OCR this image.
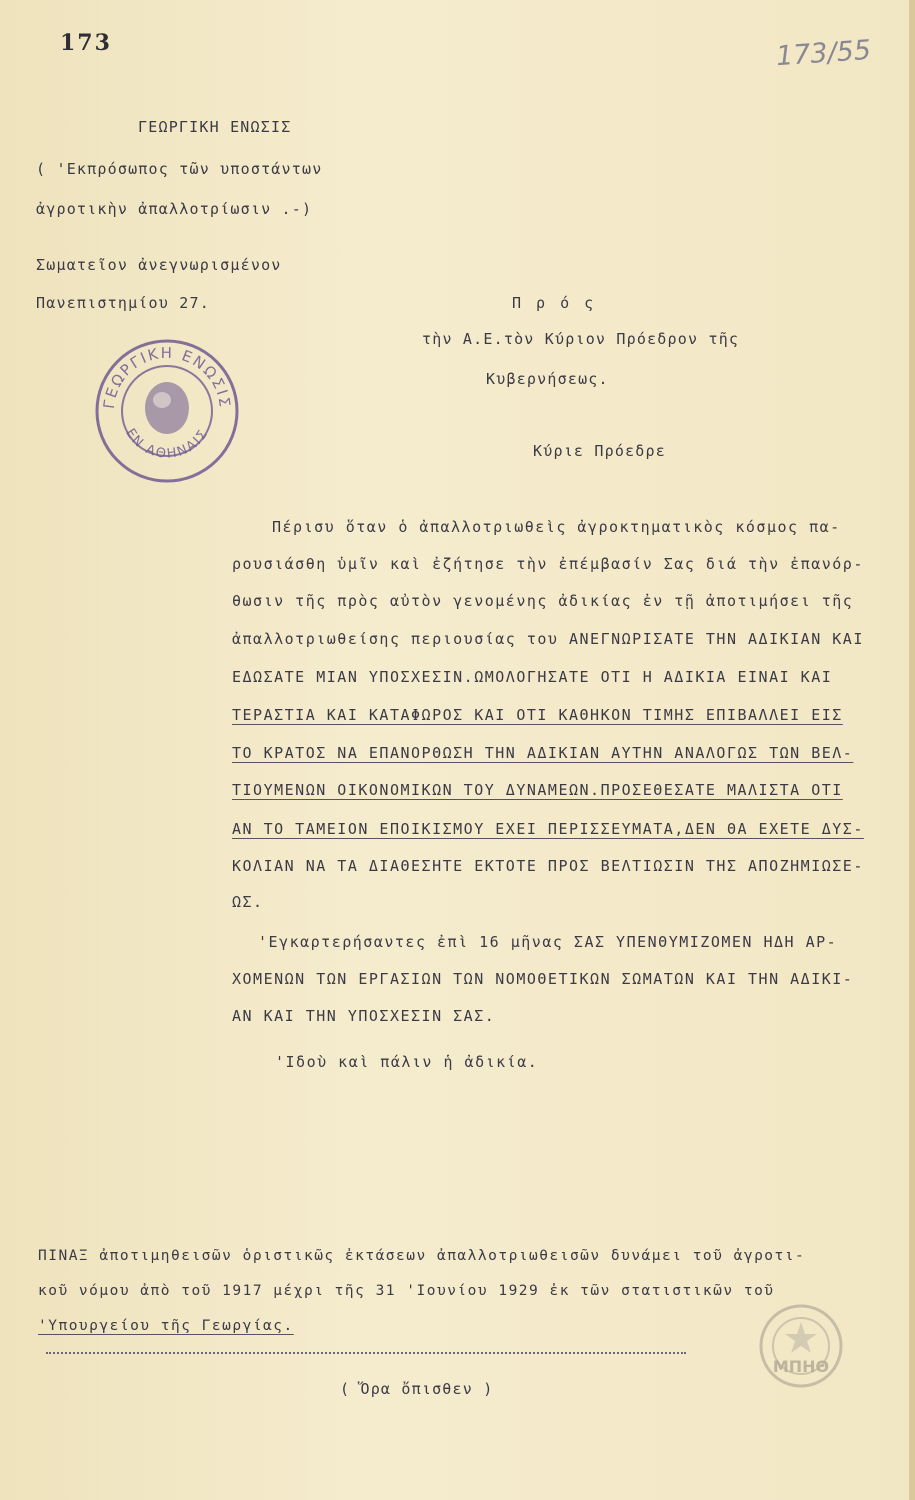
173	173/55
ΓΕΩΡΓΙΚΗ ΕΝΩΣΙΣ
( 'Εκπρόσωπος τῶν υποστάντων
ἀγροτικὴν ἀπαλλοτρίωσιν .-)
Σωματεῖον ἀνεγνωρισμένον
Πανεπιστημίου 27.	Π ρ ό ς
τὴν Α.Ε.τὸν Κύριον Πρόεδρον τῆς
Κυβερνήσεως.
Κύριε Πρόεδρε
ΓΕΩΡΓΙΚΗ ΕΝΩΣΙΣ
ΕΝ ΑΘΗΝΑΙΣ
Πέρισυ ὅταν ὁ ἀπαλλοτριωθεὶς ἀγροκτηματικὸς κόσμος πα-
ρουσιάσθη ὑμῖν καὶ ἐζήτησε τὴν ἐπέμβασίν Σας διά τὴν ἐπανόρ-
θωσιν τῆς πρὸς αὐτὸν γενομένης ἀδικίας ἐν τῇ ἀποτιμήσει τῆς
ἀπαλλοτριωθείσης περιουσίας του ΑΝΕΓΝΩΡΙΣΑΤΕ ΤΗΝ ΑΔΙΚΙΑΝ ΚΑΙ
ΕΔΩΣΑΤΕ ΜΙΑΝ ΥΠΟΣΧΕΣΙΝ.ΩΜΟΛΟΓΗΣΑΤΕ ΟΤΙ Η ΑΔΙΚΙΑ ΕΙΝΑΙ ΚΑΙ
ΤΕΡΑΣΤΙΑ ΚΑΙ ΚΑΤΑΦΩΡΟΣ ΚΑΙ ΟΤΙ ΚΑΘΗΚΟΝ ΤΙΜΗΣ ΕΠΙΒΑΛΛΕΙ ΕΙΣ
ΤΟ ΚΡΑΤΟΣ ΝΑ ΕΠΑΝΟΡΘΩΣΗ ΤΗΝ ΑΔΙΚΙΑΝ ΑΥΤΗΝ ΑΝΑΛΟΓΩΣ ΤΩΝ ΒΕΛ-
ΤΙΟΥΜΕΝΩΝ ΟΙΚΟΝΟΜΙΚΩΝ ΤΟΥ ΔΥΝΑΜΕΩΝ.ΠΡΟΣΕΘΕΣΑΤΕ ΜΑΛΙΣΤΑ ΟΤΙ
ΑΝ ΤΟ ΤΑΜΕΙΟΝ ΕΠΟΙΚΙΣΜΟΥ ΕΧΕΙ ΠΕΡΙΣΣΕΥΜΑΤΑ,ΔΕΝ ΘΑ ΕΧΕΤΕ ΔΥΣ-
ΚΟΛΙΑΝ ΝΑ ΤΑ ΔΙΑΘΕΣΗΤΕ ΕΚΤΟΤΕ ΠΡΟΣ ΒΕΛΤΙΩΣΙΝ ΤΗΣ ΑΠΟΖΗΜΙΩΣΕ-
ΩΣ.
'Εγκαρτερήσαντες ἐπὶ 16 μῆνας ΣΑΣ ΥΠΕΝΘΥΜΙΖΟΜΕΝ ΗΔΗ ΑΡ-
ΧΟΜΕΝΩΝ ΤΩΝ ΕΡΓΑΣΙΩΝ ΤΩΝ ΝΟΜΟΘΕΤΙΚΩΝ ΣΩΜΑΤΩΝ ΚΑΙ ΤΗΝ ΑΔΙΚΙ-
ΑΝ ΚΑΙ ΤΗΝ ΥΠΟΣΧΕΣΙΝ ΣΑΣ.
'Ιδοὺ καὶ πάλιν ἡ ἀδικία.
ΠΙΝΑΞ ἀποτιμηθεισῶν ὁριστικῶς ἐκτάσεων ἀπαλλοτριωθεισῶν δυνάμει τοῦ ἀγροτι-
κοῦ νόμου ἀπὸ τοῦ 1917 μέχρι τῆς 31 'Ιουνίου 1929 ἐκ τῶν στατιστικῶν τοῦ
'Υπουργείου τῆς Γεωργίας.
ΜΠΗΘ
( Ὅρα ὄπισθεν )
